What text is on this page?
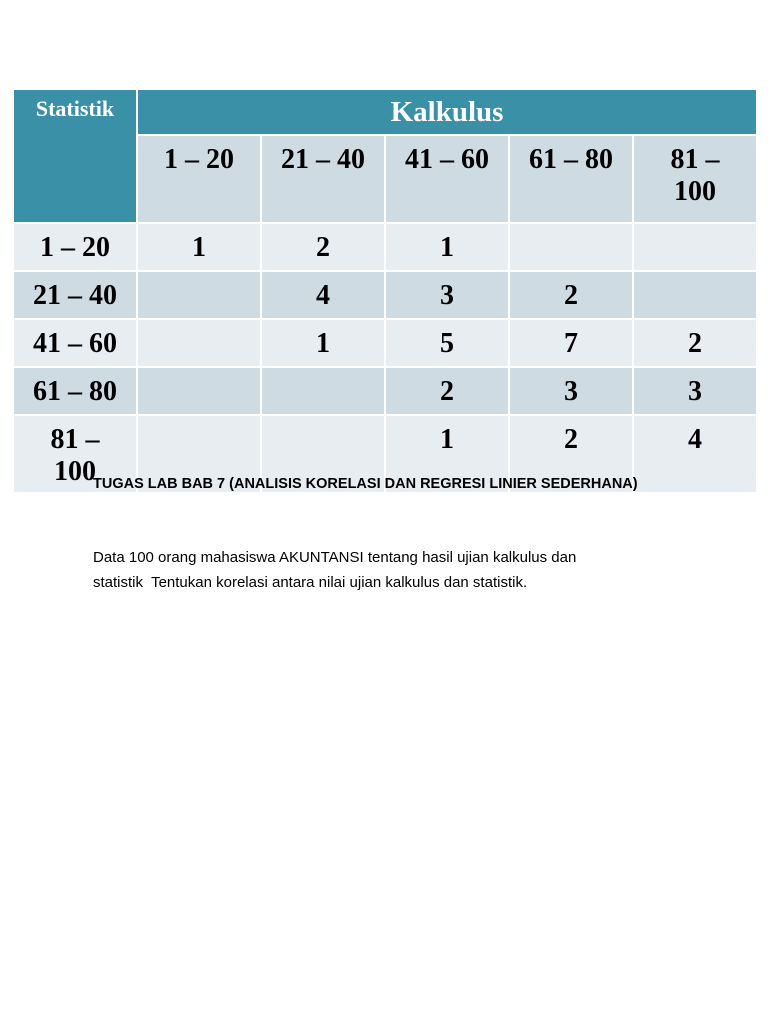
Statistik	Kalkulus				
	1 – 20	21 – 40	41 – 60	61 – 80	81 –
100
1 – 20	1	2	1		
21 – 40		4	3	2	
41 – 60		1	5	7	2
61 – 80			2	3	3
81 –
100			1	2	4
TUGAS LAB BAB 7 (ANALISIS KORELASI DAN REGRESI LINIER SEDERHANA)
Data 100 orang mahasiswa AKUNTANSI tentang hasil ujian kalkulus dan
statistik  Tentukan korelasi antara nilai ujian kalkulus dan statistik.
